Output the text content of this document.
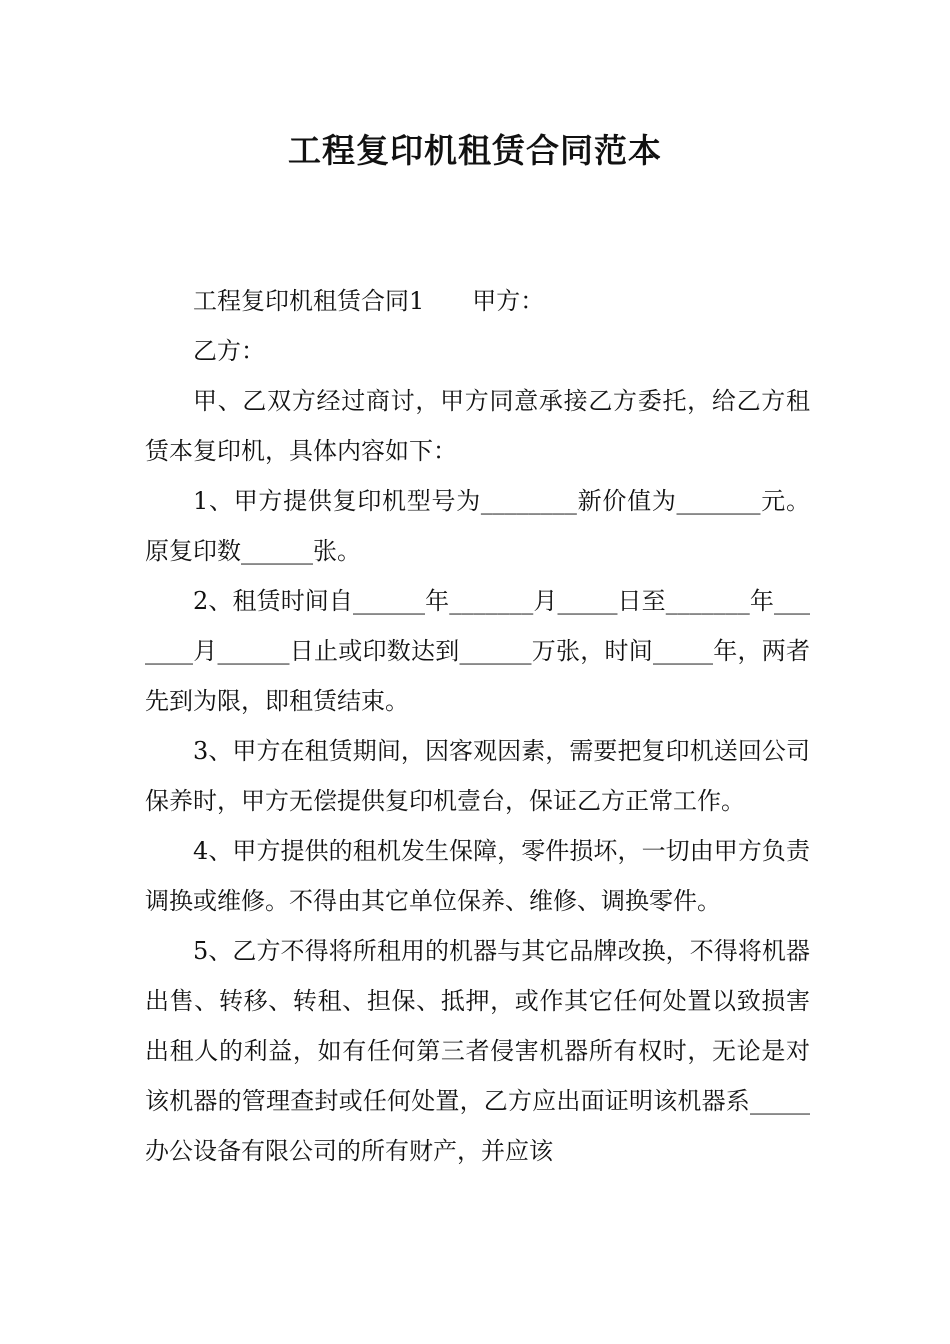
工程复印机租赁合同范本

工程复印机租赁合同1 甲方：

乙方：

甲、乙双方经过商讨，甲方同意承接乙方委托，给乙方租赁本复印机，具体内容如下：

1、甲方提供复印机型号为________新价值为_______元。原复印数______张。

2、租赁时间自______年_______月_____日至_______年_______月______日止或印数达到______万张，时间_____年，两者先到为限，即租赁结束。

3、甲方在租赁期间，因客观因素，需要把复印机送回公司保养时，甲方无偿提供复印机壹台，保证乙方正常工作。

4、甲方提供的租机发生保障，零件损坏，一切由甲方负责调换或维修。不得由其它单位保养、维修、调换零件。

5、乙方不得将所租用的机器与其它品牌改换，不得将机器出售、转移、转租、担保、抵押，或作其它任何处置以致损害出租人的利益，如有任何第三者侵害机器所有权时，无论是对该机器的管理查封或任何处置，乙方应出面证明该机器系_____办公设备有限公司的所有财产，并应该
